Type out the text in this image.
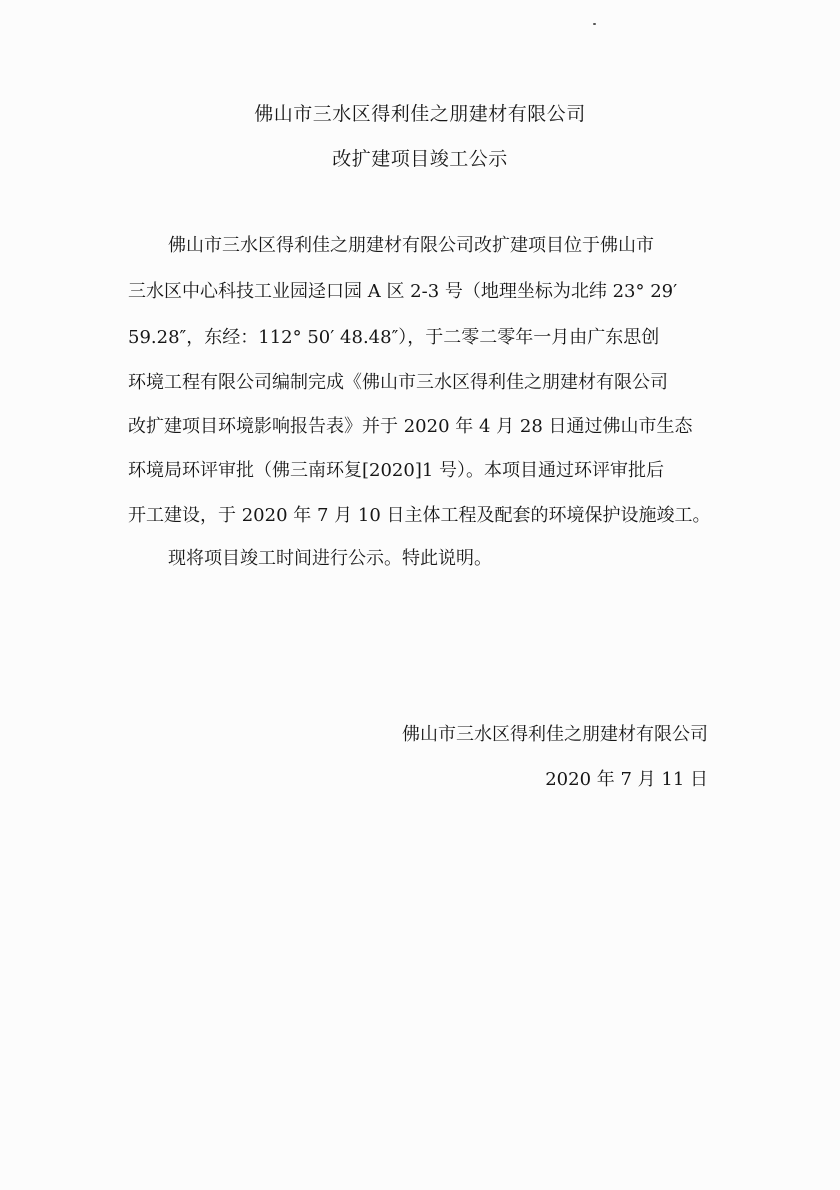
佛山市三水区得利佳之朋建材有限公司
改扩建项目竣工公示
佛山市三水区得利佳之朋建材有限公司改扩建项目位于佛山市
三水区中心科技工业园迳口园 A 区 2-3 号（地理坐标为北纬 23° 29′
59.28″，东经：112° 50′ 48.48″），于二零二零年一月由广东思创
环境工程有限公司编制完成《佛山市三水区得利佳之朋建材有限公司
改扩建项目环境影响报告表》并于 2020 年 4 月 28 日通过佛山市生态
环境局环评审批（佛三南环复[2020]1 号）。本项目通过环评审批后
开工建设，于 2020 年 7 月 10 日主体工程及配套的环境保护设施竣工。
现将项目竣工时间进行公示。特此说明。
佛山市三水区得利佳之朋建材有限公司
2020 年 7 月 11 日
